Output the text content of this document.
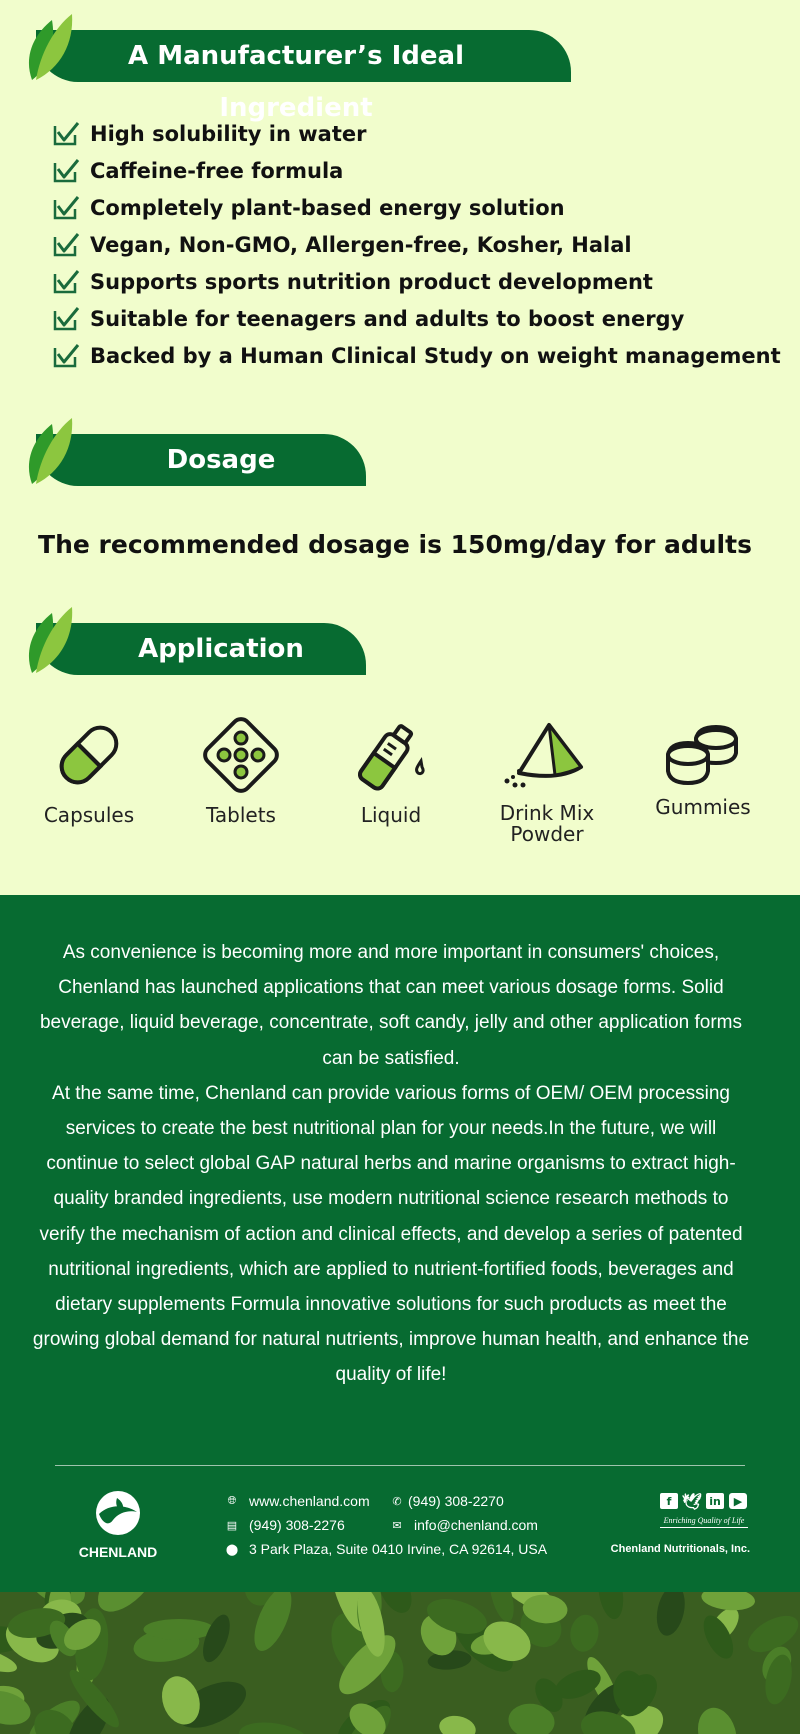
A Manufacturer’s Ideal Ingredient
High solubility in water
Caffeine-free formula
Completely plant-based energy solution
Vegan, Non-GMO, Allergen-free, Kosher, Halal
Supports sports nutrition product development
Suitable for teenagers and adults to boost energy
Backed by a Human Clinical Study on weight management
Dosage
The recommended dosage is 150mg/day for adults
Application
Capsules	Tablets	Liquid	Drink Mix
Powder
Gummies
As convenience is becoming more and more important in consumers' choices, Chenland has launched applications that can meet various dosage forms. Solid beverage, liquid beverage, concentrate, soft candy, jelly and other application forms can be satisfied.
At the same time, Chenland can provide various forms of OEM/ OEM processing services to create the best nutritional plan for your needs.In the future, we will continue to select global GAP natural herbs and marine organisms to extract high-quality branded ingredients, use modern nutritional science research methods to verify the mechanism of action and clinical effects, and develop a series of patented nutritional ingredients, which are applied to nutrient-fortified foods, beverages and dietary supplements Formula innovative solutions for such products as meet the growing global demand for natural nutrients, improve human health, and enhance the quality of life!
CHENLAND
🌐︎ www.chenland.com ✆ (949) 308-2270
▤ (949) 308-2276	✉ info@chenland.com
⬤ 3 Park Plaza, Suite 0410 Irvine, CA 92614, USA
f 🕊︎ in	▶
Enriching Quality of Life
Chenland Nutritionals, Inc.
